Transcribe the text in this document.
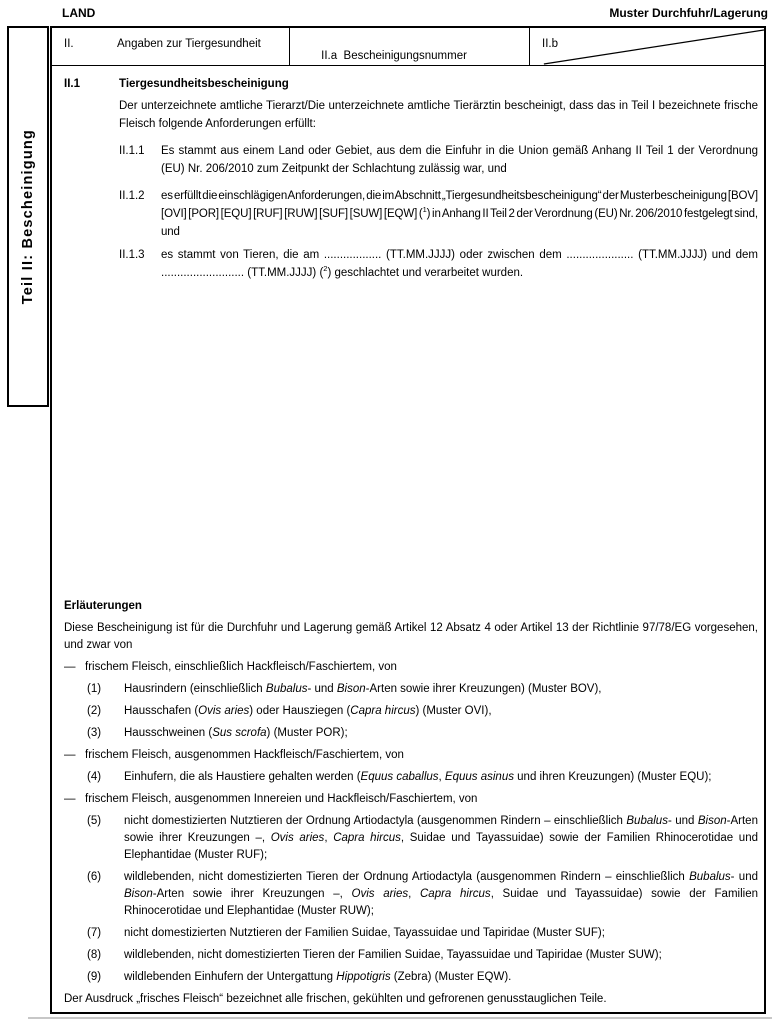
LAND	Muster Durchfuhr/Lagerung
Teil II: Bescheinigung
II.	Angaben zur Tiergesundheit

II.a  Bescheinigungsnummer

II.b
II.1	Tiergesundheitsbescheinigung

Der unterzeichnete amtliche Tierarzt/Die unterzeichnete amtliche Tierärztin bescheinigt, dass das in Teil I bezeichnete frische Fleisch folgende Anforderungen erfüllt:

II.1.1	Es stammt aus einem Land oder Gebiet, aus dem die Einfuhr in die Union gemäß Anhang II Teil 1 der Verordnung (EU) Nr. 206/2010 zum Zeitpunkt der Schlachtung zulässig war, und
II.1.2	es erfüllt die einschlägigen Anforderungen, die im Abschnitt „Tiergesundheitsbescheinigung“ der Musterbescheinigung [BOV] [OVI] [POR] [EQU] [RUF] [RUW] [SUF] [SUW] [EQW] ($^1$) in Anhang II Teil 2 der Verordnung (EU) Nr. 206/2010 festgelegt sind, und
II.1.3	es stammt von Tieren, die am .................. (TT.MM.JJJJ) oder zwischen dem ..................... (TT.MM.JJJJ) und dem .......................... (TT.MM.JJJJ) ($^2$) geschlachtet und verarbeitet wurden.
Erläuterungen

Diese Bescheinigung ist für die Durchfuhr und Lagerung gemäß Artikel 12 Absatz 4 oder Artikel 13 der Richtlinie 97/78/EG vorgesehen, und zwar von

— frischem Fleisch, einschließlich Hackfleisch/Faschiertem, von
(1)	Hausrindern (einschließlich Bubalus- und Bison-Arten sowie ihrer Kreuzungen) (Muster BOV),
(2)	Hausschafen (Ovis aries) oder Hausziegen (Capra hircus) (Muster OVI),
(3)	Hausschweinen (Sus scrofa) (Muster POR);
— frischem Fleisch, ausgenommen Hackfleisch/Faschiertem, von
(4)	Einhufern, die als Haustiere gehalten werden (Equus caballus, Equus asinus und ihren Kreuzungen) (Muster EQU);
— frischem Fleisch, ausgenommen Innereien und Hackfleisch/Faschiertem, von
(5)	nicht domestizierten Nutztieren der Ordnung Artiodactyla (ausgenommen Rindern – einschließlich Bubalus- und Bison-Arten sowie ihrer Kreuzungen –, Ovis aries, Capra hircus, Suidae und Tayassuidae) sowie der Familien Rhinocerotidae und Elephantidae (Muster RUF);
(6)	wildlebenden, nicht domestizierten Tieren der Ordnung Artiodactyla (ausgenommen Rindern – einschließlich Bubalus- und Bison-Arten sowie ihrer Kreuzungen –, Ovis aries, Capra hircus, Suidae und Tayassuidae) sowie der Familien Rhinocerotidae und Elephantidae (Muster RUW);
(7)	nicht domestizierten Nutztieren der Familien Suidae, Tayassuidae und Tapiridae (Muster SUF);
(8)	wildlebenden, nicht domestizierten Tieren der Familien Suidae, Tayassuidae und Tapiridae (Muster SUW);
(9)	wildlebenden Einhufern der Untergattung Hippotigris (Zebra) (Muster EQW).

Der Ausdruck „frisches Fleisch“ bezeichnet alle frischen, gekühlten und gefrorenen genusstauglichen Teile.
